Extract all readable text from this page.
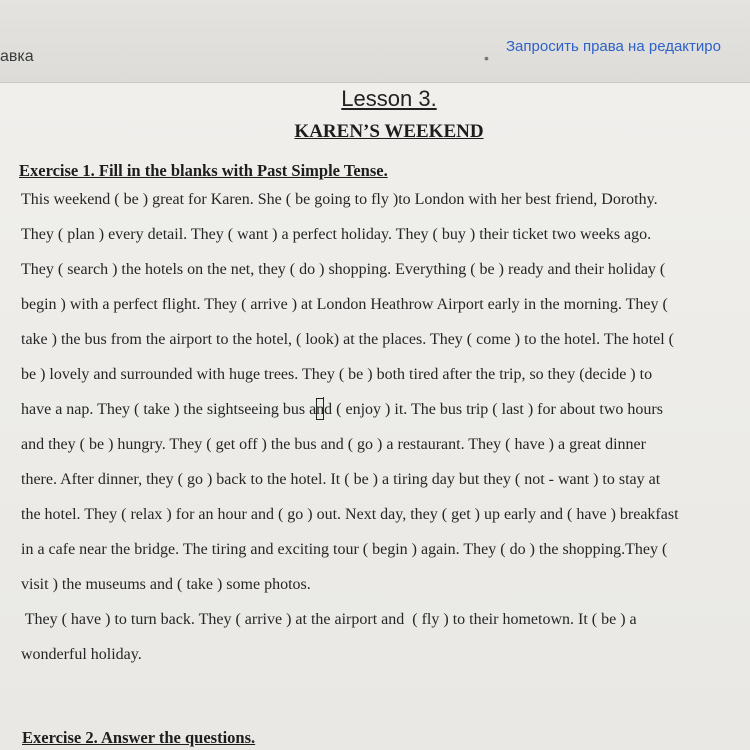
авка	•
Запросить права на редактиро
Lesson 3.
KAREN’S WEEKEND
Exercise 1. Fill in the blanks with Past Simple Tense.
This weekend ( be ) great for Karen. She ( be going to fly )to London with her best friend, Dorothy.
They ( plan ) every detail. They ( want ) a perfect holiday. They ( buy ) their ticket two weeks ago.
They ( search ) the hotels on the net, they ( do ) shopping. Everything ( be ) ready and their holiday (
begin ) with a perfect flight. They ( arrive ) at London Heathrow Airport early in the morning. They (
take ) the bus from the airport to the hotel, ( look) at the places. They ( come ) to the hotel. The hotel (
be ) lovely and surrounded with huge trees. They ( be ) both tired after the trip, so they (decide ) to
have a nap. They ( take ) the sightseeing bus and ( enjoy ) it. The bus trip ( last ) for about two hours
and they ( be ) hungry. They ( get off ) the bus and ( go ) a restaurant. They ( have ) a great dinner
there. After dinner, they ( go ) back to the hotel. It ( be ) a tiring day but they ( not - want ) to stay at
the hotel. They ( relax ) for an hour and ( go ) out. Next day, they ( get ) up early and ( have ) breakfast
in a cafe near the bridge. The tiring and exciting tour ( begin ) again. They ( do ) the shopping.They (
visit ) the museums and ( take ) some photos.
They ( have ) to turn back. They ( arrive ) at the airport and  ( fly ) to their hometown. It ( be ) a
wonderful holiday.
Exercise 2. Answer the questions.
